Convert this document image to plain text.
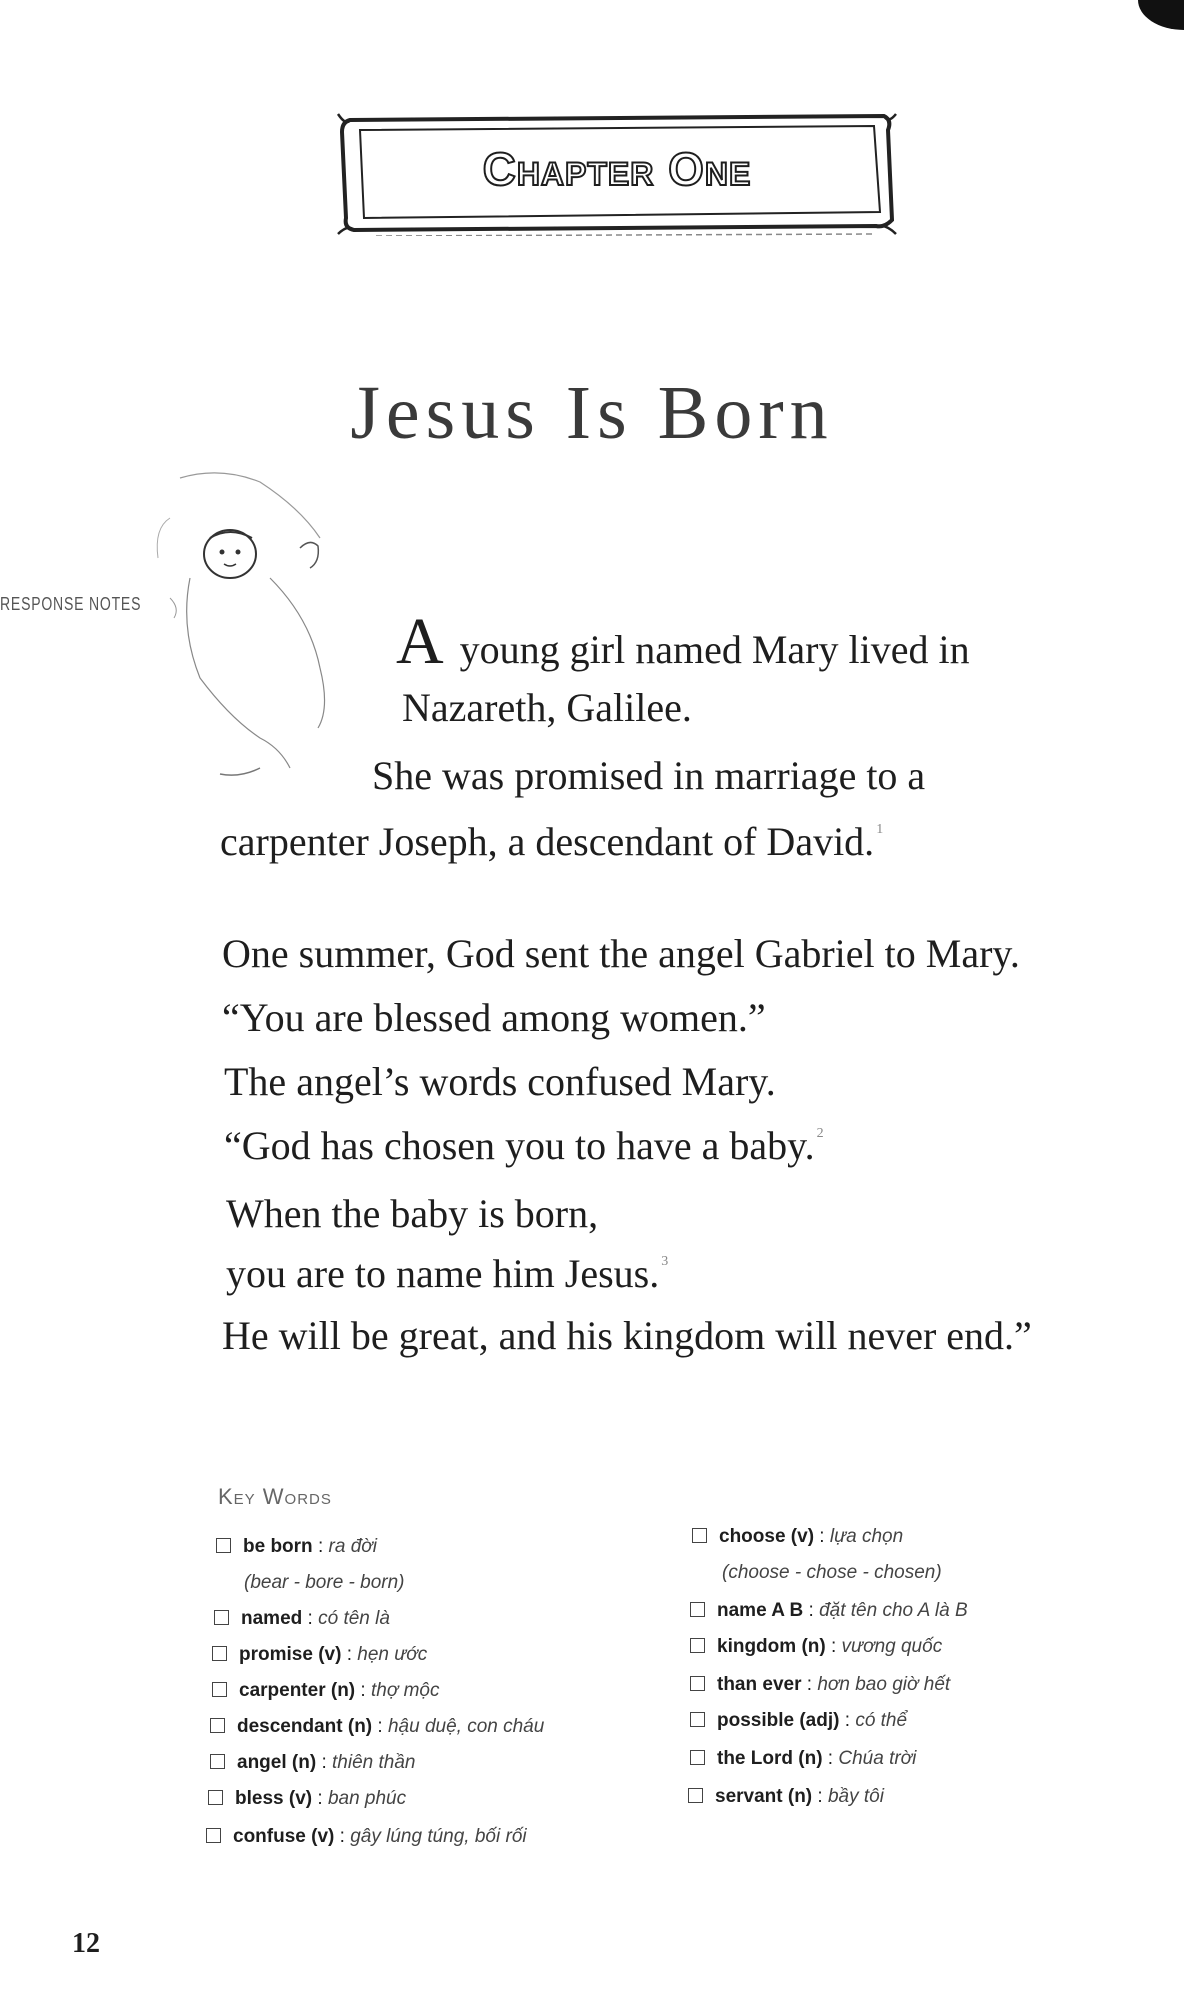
Chapter One
Jesus Is Born
RESPONSE NOTES
A young girl named Mary lived in
Nazareth, Galilee.
She was promised in marriage to a
carpenter Joseph, a descendant of David. $^1$
One summer, God sent the angel Gabriel to Mary.
“You are blessed among women.”
The angel’s words confused Mary.
“God has chosen you to have a baby. $^2$
When the baby is born,
you are to name him Jesus. $^3$
He will be great, and his kingdom will never end.”
Key Words
be born : ra đời
(bear - bore - born)
named : có tên là
promise (v) : hẹn ước
carpenter (n) : thợ mộc
descendant (n) : hậu duệ, con cháu
angel (n) : thiên thần
bless (v) : ban phúc
confuse (v) : gây lúng túng, bối rối
choose (v) : lựa chọn
(choose - chose - chosen)
name A B : đặt tên cho A là B
kingdom (n) : vương quốc
than ever : hơn bao giờ hết
possible (adj) : có thể
the Lord (n) : Chúa trời
servant (n) : bầy tôi
12
